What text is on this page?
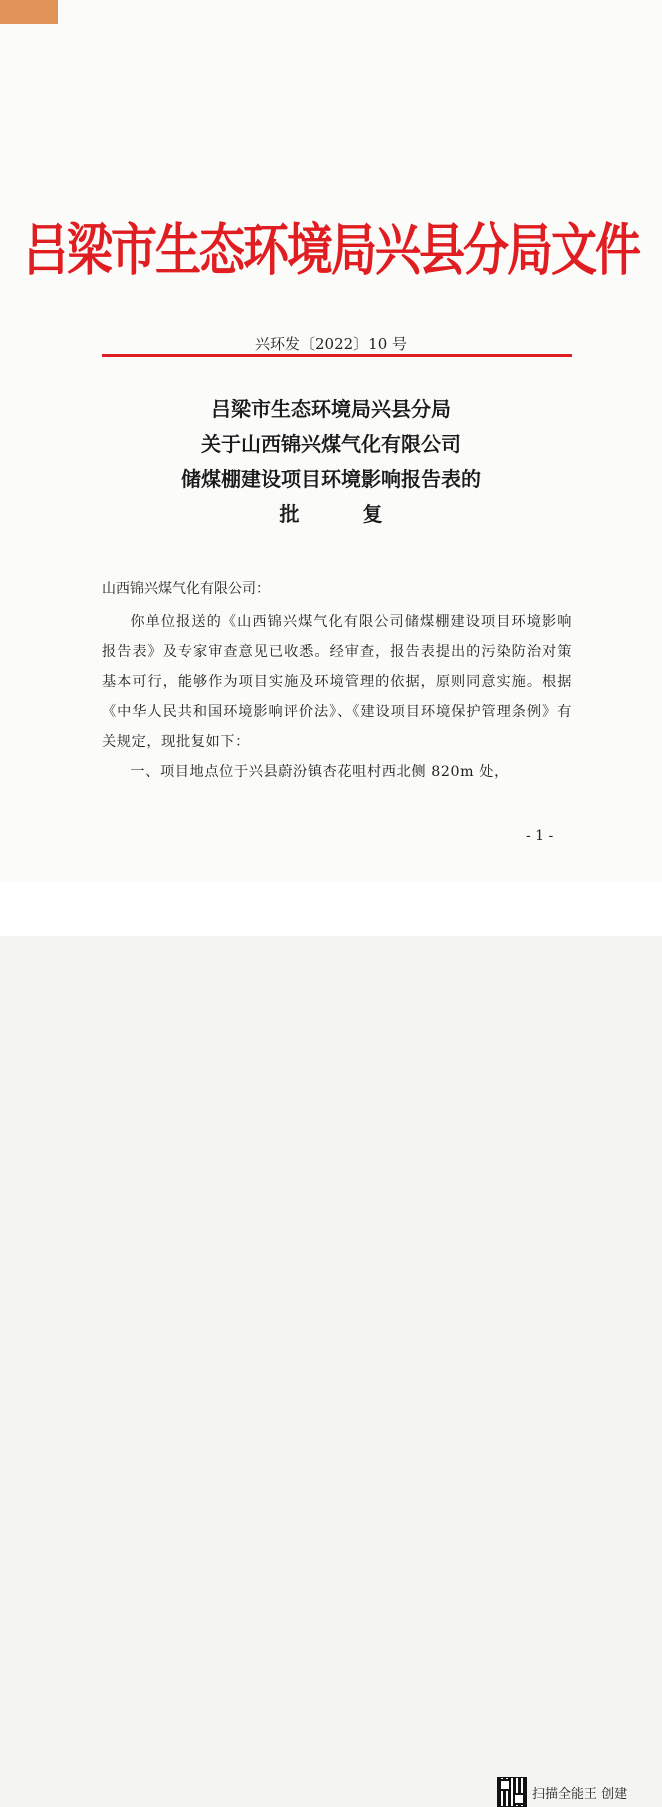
吕梁市生态环境局兴县分局文件
兴环发〔2022〕10 号
吕梁市生态环境局兴县分局
关于山西锦兴煤气化有限公司
储煤棚建设项目环境影响报告表的
批 复
山西锦兴煤气化有限公司：

你单位报送的《山西锦兴煤气化有限公司储煤棚建设项目环境影响报告表》及专家审查意见已收悉。经审查，报告表提出的污染防治对策基本可行，能够作为项目实施及环境管理的依据，原则同意实施。根据《中华人民共和国环境影响评价法》、《建设项目环境保护管理条例》有关规定，现批复如下：

一、项目地点位于兴县蔚汾镇杏花咀村西北侧 820m 处，

- 1 -
扫描全能王 创建
